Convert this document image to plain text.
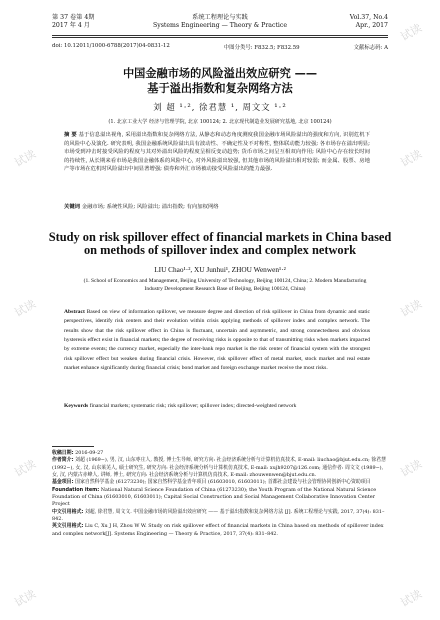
第 37 卷第 4期	系统工程理论与实践	Vol.37, No.4
2017 年 4 月	Systems Engineering — Theory & Practice	Apr., 2017
doi: 10.12011/1000-6788(2017)04-0831-12	中图分类号: F832.5; F832.59	文献标志码: A
中国金融市场的风险溢出效应研究 ——
基于溢出指数和复杂网络方法
刘 超 ¹·², 徐君慧 ¹, 周文文 ¹·²
(1. 北京工业大学 经济与管理学院, 北京 100124; 2. 北京现代制造业发展研究基地, 北京 100124)
摘 要 基于信息溢出视角, 采用溢出指数和复杂网络方法, 从静态和动态角度测度我国金融市场风险溢出的强度和方向, 识别危机下的风险中心及演化. 研究表明, 我国金融系统风险溢出具有波动性、不确定性及不对称性, 整体联动能力较强; 各市场存在溢出明显; 市场受到冲击时接受风险的程度与其对外溢出风险的程度呈相反变动趋势; 货币市场之间呈互相双向作用; 风险中心存在较长时间的持续性, 从长期来看市场是我国金融体系的风险中心, 对外风险溢出较强, 但其他市场的风险溢出相对较弱; 而金属、股票、房地产等市场在危机时风险溢出中间显著增强; 债券和外汇市场被动接受风险溢出的能力最强.
关键词 金融市场; 系统性风险; 风险溢出; 溢出指数; 有向加权网络
Study on risk spillover effect of financial markets in China based
on methods of spillover index and complex network
LIU Chao¹·², XU Junhui¹, ZHOU Wenwen¹·²
(1. School of Economics and Management, Beijing University of Technology, Beijing 100124, China; 2. Modern Manufacturing
Industry Development Research Base of Beijing, Beijing 100124, China)
Abstract Based on view of information spillover, we measure degree and direction of risk spillover in China from dynamic and static perspectives, identify risk centers and their evolution within crisis applying methods of spillover index and complex network. The results show that the risk spillover effect in China is fluctuant, uncertain and asymmetric, and strong connectedness and obvious hysteresis effect exist in financial markets; the degree of receiving risks is opposite to that of transmitting risks when markets impacted by extreme events; the currency market, especially the inter-bank repo market is the risk center of financial system with the strongest risk spillover effect but weaken during financial crisis. However, risk spillover effect of metal market, stock market and real estate market enhance significantly during financial crisis; bond market and foreign exchange market receive the most risks.
Keywords financial markets; systematic risk; risk spillover; spillover index; directed-weighted network

收稿日期: 2016-09-27

作者简介: 刘超 (1969−), 男, 汉, 山东枣庄人, 教授, 博士生导师, 研究方向: 社会经济系统分析与计算机仿真技术, E-mail: liuchao@bjut.edu.cn; 徐君慧 (1992−), 女, 汉, 山东莱芜人, 硕士研究生, 研究方向: 社会经济系统分析与计算机仿真技术, E-mail: xujh9207@126.com; 通信作者: 周文文 (1989−), 女, 汉, 内蒙古赤峰人, 讲师, 博士, 研究方向: 社会经济系统分析与计算机仿真技术, E-mail: zhouwenwen@bjut.edu.cn.

基金项目: 国家自然科学基金 (61273230); 国家自然科学基金青年项目 (61603010, 61603011); 首都社会建设与社会管理协同创新中心资助项目

Foundation item: National Natural Science Foundation of China (61273230); the Youth Program of the National Natural Science Foundation of China (61603010, 61603011); Capital Social Construction and Social Management Collaborative Innovation Center Project

中文引用格式: 刘超, 徐君慧, 周文文. 中国金融市场的风险溢出效应研究 —— 基于溢出指数和复杂网络方法 [J]. 系统工程理论与实践, 2017, 37(4): 831–842.

英文引用格式: Liu C, Xu J H, Zhou W W. Study on risk spillover effect of financial markets in China based on methods of spillover index and complex network[J]. Systems Engineering — Theory & Practice, 2017, 37(4): 831–842.

试读
试读	试读
试读	试读
试读	试读
试读	试读
